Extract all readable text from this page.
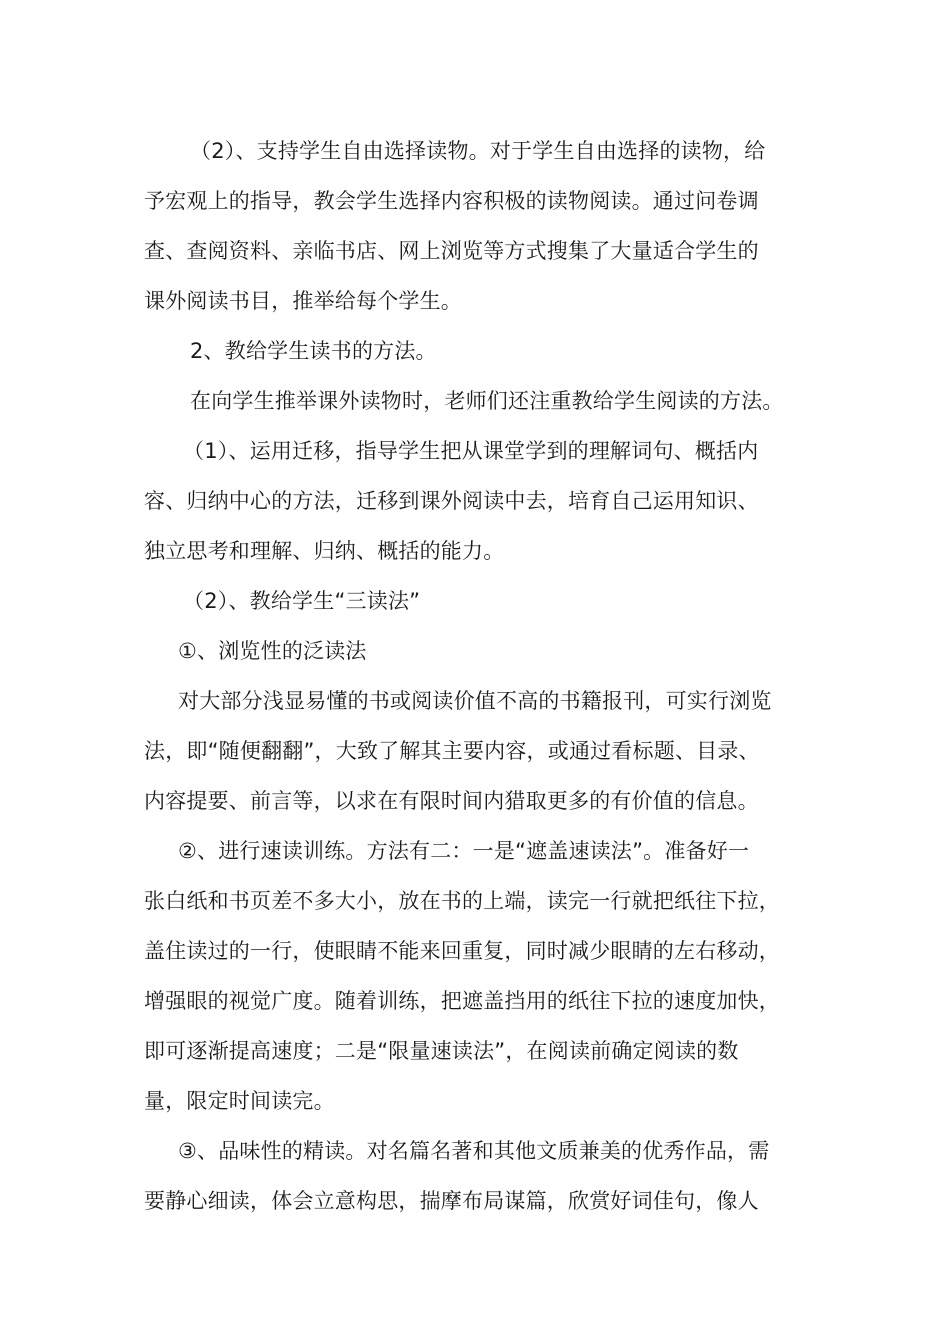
（2）、支持学生自由选择读物。对于学生自由选择的读物，给
予宏观上的指导，教会学生选择内容积极的读物阅读。通过问卷调
查、查阅资料、亲临书店、网上浏览等方式搜集了大量适合学生的
课外阅读书目，推举给每个学生。
2、教给学生读书的方法。
在向学生推举课外读物时，老师们还注重教给学生阅读的方法。
（1）、运用迁移，指导学生把从课堂学到的理解词句、概括内
容、归纳中心的方法，迁移到课外阅读中去，培育自己运用知识、
独立思考和理解、归纳、概括的能力。
（2）、教给学生“三读法”
①、浏览性的泛读法
对大部分浅显易懂的书或阅读价值不高的书籍报刊，可实行浏览
法，即“随便翻翻”，大致了解其主要内容，或通过看标题、目录、
内容提要、前言等，以求在有限时间内猎取更多的有价值的信息。
②、进行速读训练。方法有二：一是“遮盖速读法”。准备好一
张白纸和书页差不多大小，放在书的上端，读完一行就把纸往下拉，
盖住读过的一行，使眼睛不能来回重复，同时减少眼睛的左右移动，
增强眼的视觉广度。随着训练，把遮盖挡用的纸往下拉的速度加快，
即可逐渐提高速度；二是“限量速读法”，在阅读前确定阅读的数
量，限定时间读完。
③、品味性的精读。对名篇名著和其他文质兼美的优秀作品，需
要静心细读，体会立意构思，揣摩布局谋篇，欣赏好词佳句，像人
